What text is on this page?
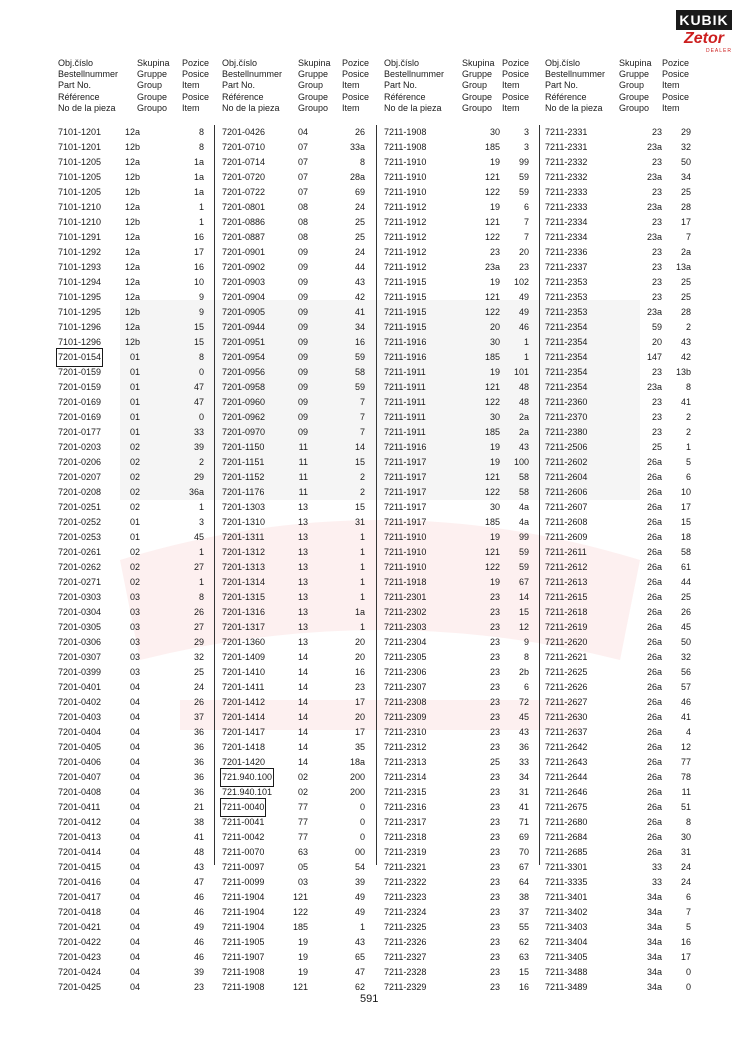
KUBIK
Zetor
DEALER
Obj.číslo
Bestellnummer
Part No.
Référence
No de la pieza
Skupina
Gruppe
Group
Groupe
Groupo
Pozice
Posice
Item
Posice
Item
7101-1201	12a	8
7101-1201	12b	8
7101-1205	12a	1a
7101-1205	12b	1a
7101-1205	12b	1a
7101-1210	12a	1
7101-1210	12b	1
7101-1291	12a	16
7101-1292	12a	17
7101-1293	12a	16
7101-1294	12a	10
7101-1295	12a	9
7101-1295	12b	9
7101-1296	12a	15
7101-1296	12b	15
7201-0154	01	8
7201-0159	01	0
7201-0159	01	47
7201-0169	01	47
7201-0169	01	0
7201-0177	01	33
7201-0203	02	39
7201-0206	02	2
7201-0207	02	29
7201-0208	02	36a
7201-0251	02	1
7201-0252	01	3
7201-0253	01	45
7201-0261	02	1
7201-0262	02	27
7201-0271	02	1
7201-0303	03	8
7201-0304	03	26
7201-0305	03	27
7201-0306	03	29
7201-0307	03	32
7201-0399	03	25
7201-0401	04	24
7201-0402	04	26
7201-0403	04	37
7201-0404	04	36
7201-0405	04	36
7201-0406	04	36
7201-0407	04	36
7201-0408	04	36
7201-0411	04	21
7201-0412	04	38
7201-0413	04	41
7201-0414	04	48
7201-0415	04	43
7201-0416	04	47
7201-0417	04	46
7201-0418	04	46
7201-0421	04	49
7201-0422	04	46
7201-0423	04	46
7201-0424	04	39
7201-0425	04	23
Obj.číslo
Bestellnummer
Part No.
Référence
No de la pieza
Skupina
Gruppe
Group
Groupe
Groupo
Pozice
Posice
Item
Posice
Item
7201-0426	04	26
7201-0710	07	33a
7201-0714	07	8
7201-0720	07	28a
7201-0722	07	69
7201-0801	08	24
7201-0886	08	25
7201-0887	08	25
7201-0901	09	24
7201-0902	09	44
7201-0903	09	43
7201-0904	09	42
7201-0905	09	41
7201-0944	09	34
7201-0951	09	16
7201-0954	09	59
7201-0956	09	58
7201-0958	09	59
7201-0960	09	7
7201-0962	09	7
7201-0970	09	7
7201-1150	11	14
7201-1151	11	15
7201-1152	11	2
7201-1176	11	2
7201-1303	13	15
7201-1310	13	31
7201-1311	13	1
7201-1312	13	1
7201-1313	13	1
7201-1314	13	1
7201-1315	13	1
7201-1316	13	1a
7201-1317	13	1
7201-1360	13	20
7201-1409	14	20
7201-1410	14	16
7201-1411	14	23
7201-1412	14	17
7201-1414	14	20
7201-1417	14	17
7201-1418	14	35
7201-1420	14	18a
721.940.100	02	200
721.940.101	02	200
7211-0040	77	0
7211-0041	77	0
7211-0042	77	0
7211-0070	63	00
7211-0097	05	54
7211-0099	03	39
7211-1904	121	49
7211-1904	122	49
7211-1904	185	1
7211-1905	19	43
7211-1907	19	65
7211-1908	19	47
7211-1908	121	62
Obj.číslo
Bestellnummer
Part No.
Référence
No de la pieza
Skupina
Gruppe
Group
Groupe
Groupo
Pozice
Posice
Item
Posice
Item
7211-1908	30	3
7211-1908	185	3
7211-1910	19	99
7211-1910	121	59
7211-1910	122	59
7211-1912	19	6
7211-1912	121	7
7211-1912	122	7
7211-1912	23	20
7211-1912	23a	23
7211-1915	19	102
7211-1915	121	49
7211-1915	122	49
7211-1915	20	46
7211-1916	30	1
7211-1916	185	1
7211-1911	19	101
7211-1911	121	48
7211-1911	122	48
7211-1911	30	2a
7211-1911	185	2a
7211-1916	19	43
7211-1917	19	100
7211-1917	121	58
7211-1917	122	58
7211-1917	30	4a
7211-1917	185	4a
7211-1910	19	99
7211-1910	121	59
7211-1910	122	59
7211-1918	19	67
7211-2301	23	14
7211-2302	23	15
7211-2303	23	12
7211-2304	23	9
7211-2305	23	8
7211-2306	23	2b
7211-2307	23	6
7211-2308	23	72
7211-2309	23	45
7211-2310	23	43
7211-2312	23	36
7211-2313	25	33
7211-2314	23	34
7211-2315	23	31
7211-2316	23	41
7211-2317	23	71
7211-2318	23	69
7211-2319	23	70
7211-2321	23	67
7211-2322	23	64
7211-2323	23	38
7211-2324	23	37
7211-2325	23	55
7211-2326	23	62
7211-2327	23	63
7211-2328	23	15
7211-2329	23	16
Obj.číslo
Bestellnummer
Part No.
Référence
No de la pieza
Skupina
Gruppe
Group
Groupe
Groupo
Pozice
Posice
Item
Posice
Item
7211-2331	23	29
7211-2331	23a	32
7211-2332	23	50
7211-2332	23a	34
7211-2333	23	25
7211-2333	23a	28
7211-2334	23	17
7211-2334	23a	7
7211-2336	23	2a
7211-2337	23	13a
7211-2353	23	25
7211-2353	23	25
7211-2353	23a	28
7211-2354	59	2
7211-2354	20	43
7211-2354	147	42
7211-2354	23	13b
7211-2354	23a	8
7211-2360	23	41
7211-2370	23	2
7211-2380	23	2
7211-2506	25	1
7211-2602	26a	5
7211-2604	26a	6
7211-2606	26a	10
7211-2607	26a	17
7211-2608	26a	15
7211-2609	26a	18
7211-2611	26a	58
7211-2612	26a	61
7211-2613	26a	44
7211-2615	26a	25
7211-2618	26a	26
7211-2619	26a	45
7211-2620	26a	50
7211-2621	26a	32
7211-2625	26a	56
7211-2626	26a	57
7211-2627	26a	46
7211-2630	26a	41
7211-2637	26a	4
7211-2642	26a	12
7211-2643	26a	77
7211-2644	26a	78
7211-2646	26a	11
7211-2675	26a	51
7211-2680	26a	8
7211-2684	26a	30
7211-2685	26a	31
7211-3301	33	24
7211-3335	33	24
7211-3401	34a	6
7211-3402	34a	7
7211-3403	34a	5
7211-3404	34a	16
7211-3405	34a	17
7211-3488	34a	0
7211-3489	34a	0
591
